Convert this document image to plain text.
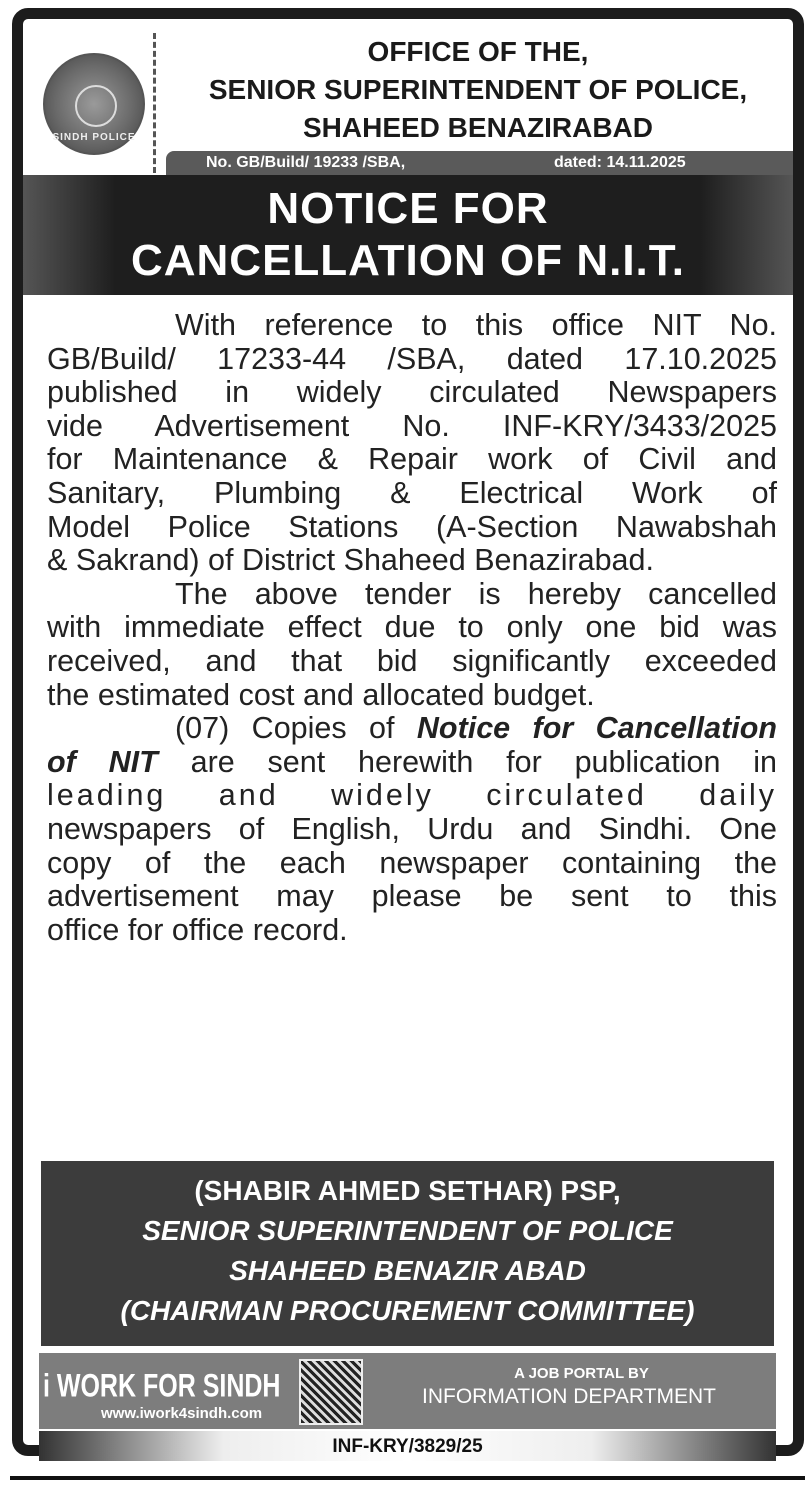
SINDH POLICE
OFFICE OF THE,
SENIOR SUPERINTENDENT OF POLICE,
SHAHEED BENAZIRABAD
No. GB/Build/ 19233 /SBA,	dated: 14.11.2025
NOTICE FOR
CANCELLATION OF N.I.T.
With reference to this office NIT No.
GB/Build/ 17233-44 /SBA, dated 17.10.2025
published in widely circulated Newspapers
vide Advertisement No. INF-KRY/3433/2025
for Maintenance & Repair work of Civil and
Sanitary, Plumbing & Electrical Work of
Model Police Stations (A-Section Nawabshah
& Sakrand) of District Shaheed Benazirabad.
The above tender is hereby cancelled
with immediate effect due to only one bid was
received, and that bid significantly exceeded
the estimated cost and allocated budget.
(07) Copies of Notice for Cancellation
of NIT are sent herewith for publication in
leading and widely circulated daily
newspapers of English, Urdu and Sindhi. One
copy of the each newspaper containing the
advertisement may please be sent to this
office for office record.
(SHABIR AHMED SETHAR) PSP,
SENIOR SUPERINTENDENT OF POLICE
SHAHEED BENAZIR ABAD
(CHAIRMAN PROCUREMENT COMMITTEE)
i WORK FOR SINDH
www.iwork4sindh.com
A JOB PORTAL BY
INFORMATION DEPARTMENT
INF-KRY/3829/25
